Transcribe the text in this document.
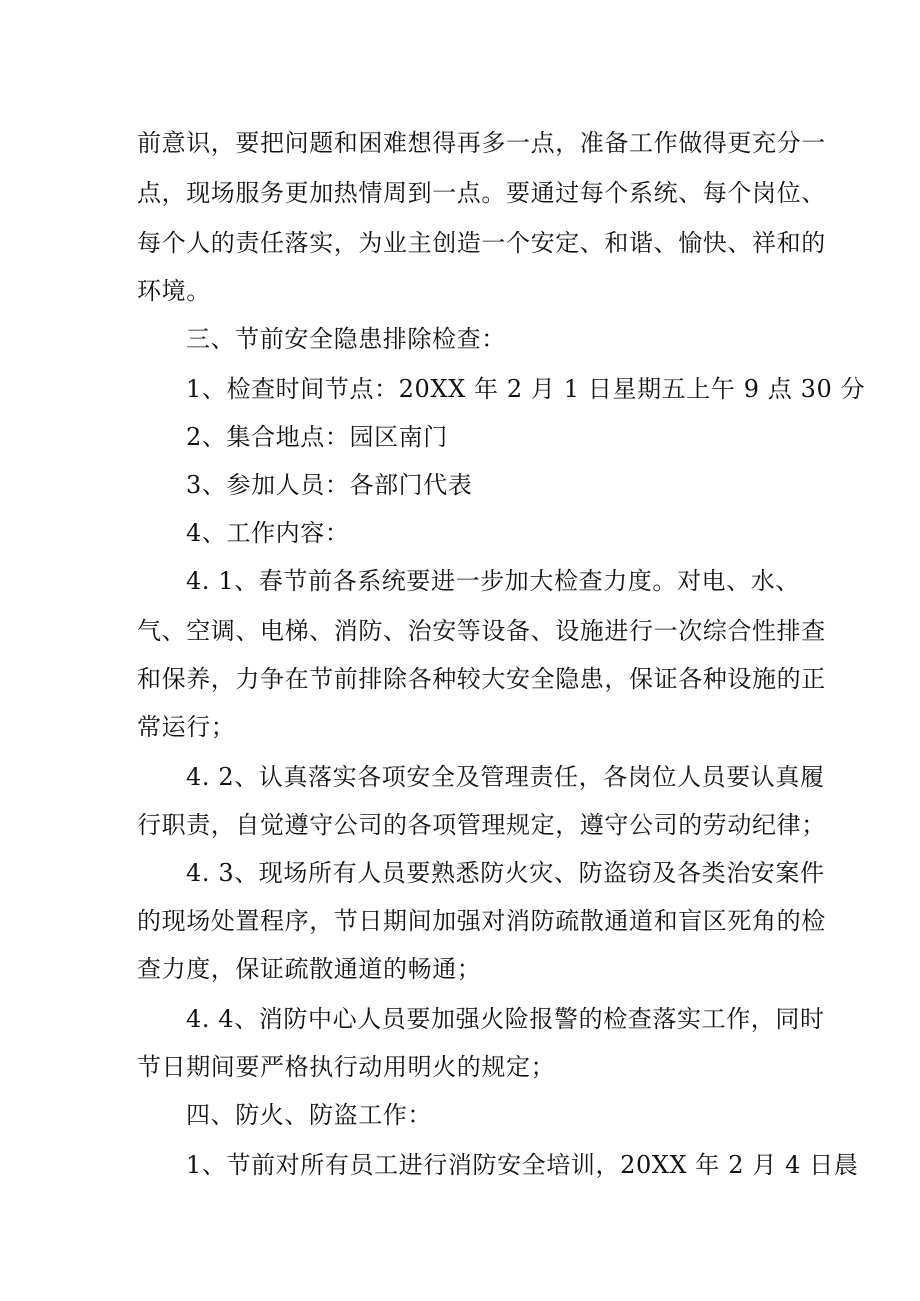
前意识，要把问题和困难想得再多一点，准备工作做得更充分一
点，现场服务更加热情周到一点。要通过每个系统、每个岗位、
每个人的责任落实，为业主创造一个安定、和谐、愉快、祥和的
环境。
三、节前安全隐患排除检查：
1、检查时间节点：20XX 年 2 月 1 日星期五上午 9 点 30 分
2、集合地点：园区南门
3、参加人员：各部门代表
4、工作内容：
4. 1、春节前各系统要进一步加大检查力度。对电、水、
气、空调、电梯、消防、治安等设备、设施进行一次综合性排查
和保养，力争在节前排除各种较大安全隐患，保证各种设施的正
常运行；
4. 2、认真落实各项安全及管理责任，各岗位人员要认真履
行职责，自觉遵守公司的各项管理规定，遵守公司的劳动纪律；
4. 3、现场所有人员要熟悉防火灾、防盗窃及各类治安案件
的现场处置程序，节日期间加强对消防疏散通道和盲区死角的检
查力度，保证疏散通道的畅通；
4. 4、消防中心人员要加强火险报警的检查落实工作，同时
节日期间要严格执行动用明火的规定；
四、防火、防盗工作：
1、节前对所有员工进行消防安全培训，20XX 年 2 月 4 日晨
